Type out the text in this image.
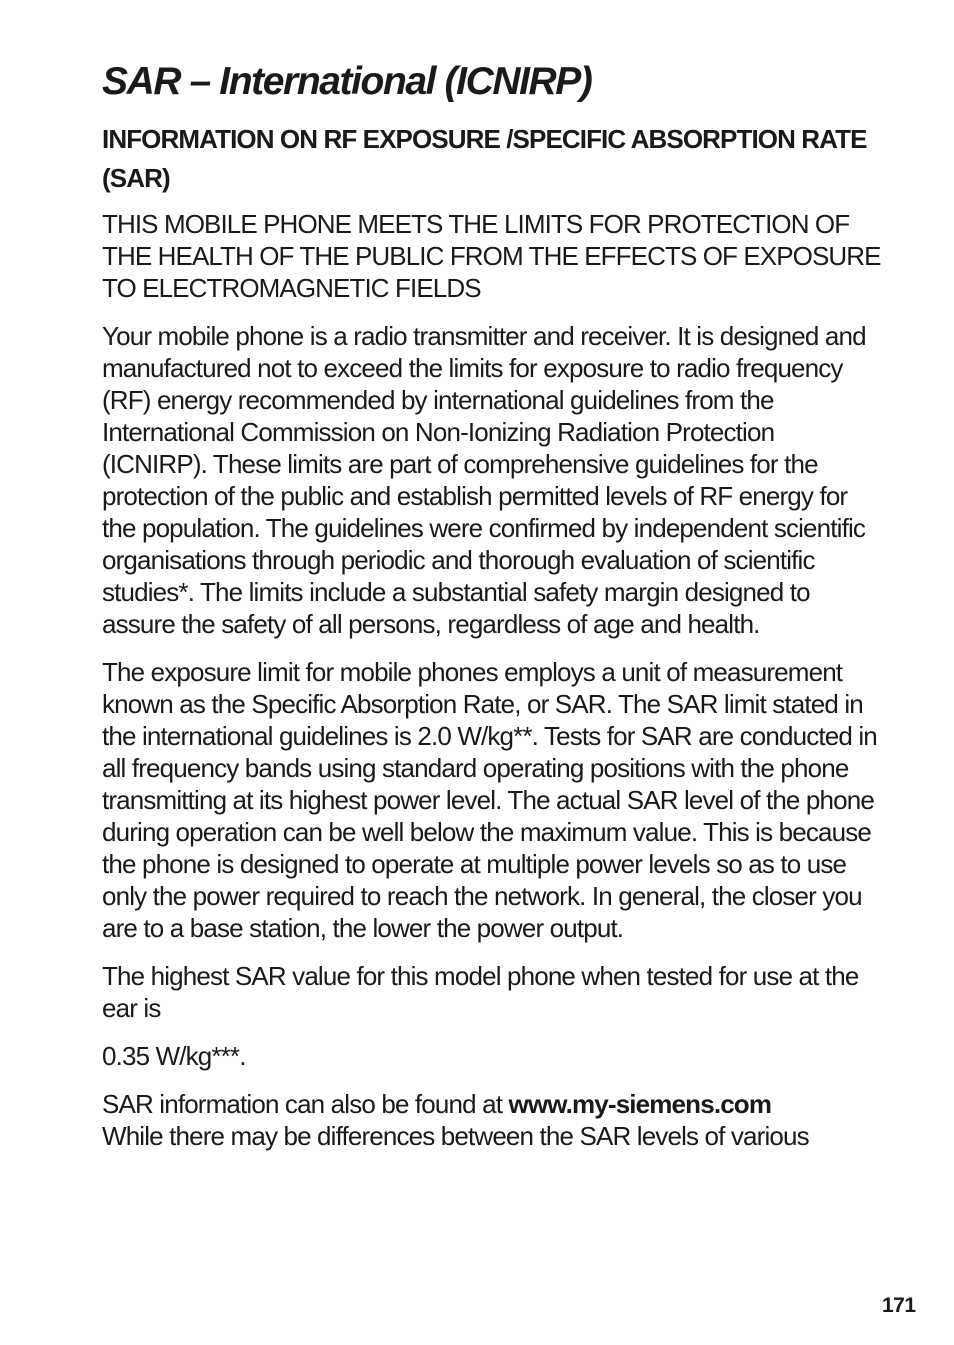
SAR – International (ICNIRP)
INFORMATION ON RF EXPOSURE /SPECIFIC ABSORPTION RATE (SAR)

THIS MOBILE PHONE MEETS THE LIMITS FOR PROTECTION OF THE HEALTH OF THE PUBLIC FROM THE EFFECTS OF EXPOSURE TO ELECTROMAGNETIC FIELDS

Your mobile phone is a radio transmitter and receiver. It is designed and manufactured not to exceed the limits for exposure to radio frequency (RF) energy recommended by international guidelines from the International Commission on Non-Ionizing Radiation Protection (ICNIRP). These limits are part of comprehensive guidelines for the protection of the public and establish permitted levels of RF energy for the population. The guidelines were confirmed by independent scientific organisations through periodic and thorough evaluation of scientific studies*. The limits include a substantial safety margin designed to assure the safety of all persons, regardless of age and health.

The exposure limit for mobile phones employs a unit of measurement known as the Specific Absorption Rate, or SAR. The SAR limit stated in the international guidelines is 2.0 W/kg**. Tests for SAR are conducted in all frequency bands using standard operating positions with the phone transmitting at its highest power level. The actual SAR level of the phone during operation can be well below the maximum value. This is because the phone is designed to operate at multiple power levels so as to use only the power required to reach the network. In general, the closer you are to a base station, the lower the power output.

The highest SAR value for this model phone when tested for use at the ear is

0.35 W/kg***.

SAR information can also be found at www.my-siemens.com
While there may be differences between the SAR levels of various

171
